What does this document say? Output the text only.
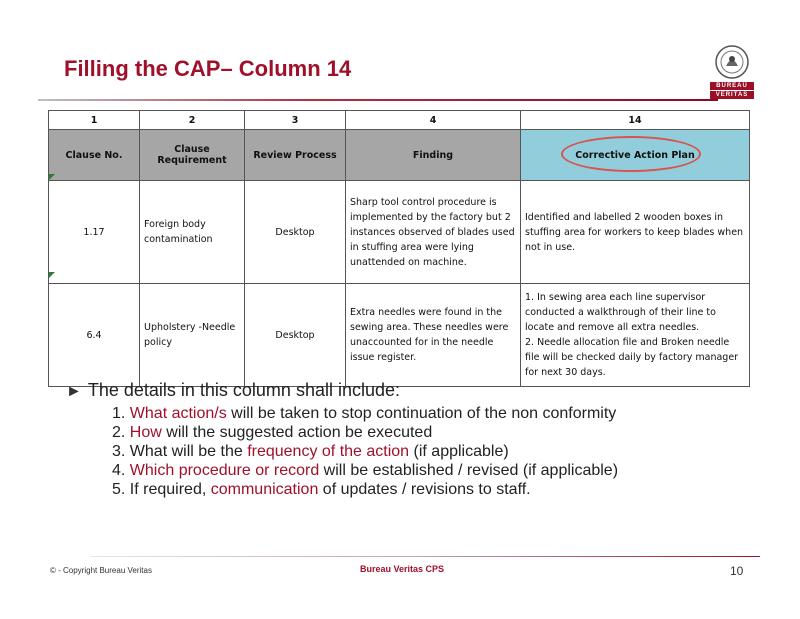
Filling the CAP– Column 14
BUREAU
VERITAS
1	2	3	4	14
Clause No.	Clause Requirement	Review Process	Finding	Corrective Action Plan
1.17	Foreign body contamination	Desktop	Sharp tool control procedure is implemented by the factory but 2 instances observed of blades used in stuffing area were lying unattended on machine.	Identified and labelled 2 wooden boxes in stuffing area for workers to keep blades when not in use.
6.4	Upholstery -Needle policy	Desktop	Extra needles were found in the sewing area. These needles were unaccounted for in the needle issue register.	1. In sewing area each line supervisor conducted a walkthrough of their line to locate and remove all extra needles.
2. Needle allocation file and Broken needle file will be checked daily by factory manager for next 30 days.
► The details in this column shall include:
1. What action/s will be taken to stop continuation of the non conformity
2. How will the suggested action be executed
3. What will be the frequency of the action (if applicable)
4. Which procedure or record will be established / revised (if applicable)
5. If required, communication of updates / revisions to staff.
© - Copyright Bureau Veritas	Bureau Veritas CPS	10
